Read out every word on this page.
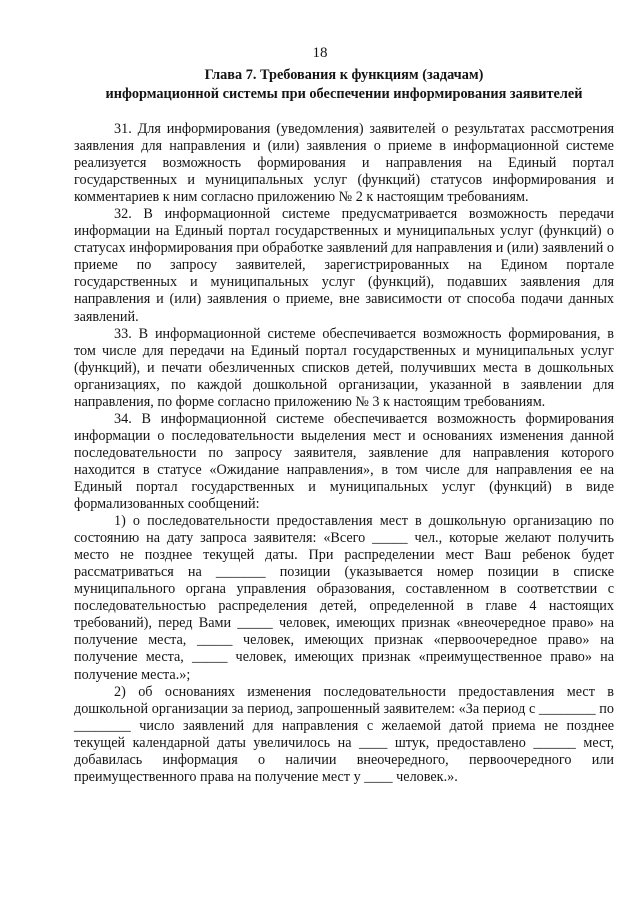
18
Глава 7. Требования к функциям (задачам)
информационной системы при обеспечении информирования заявителей

31. Для информирования (уведомления) заявителей о результатах рассмотрения заявления для направления и (или) заявления о приеме в информационной системе реализуется возможность формирования и направления на Единый портал государственных и муниципальных услуг (функций) статусов информирования и комментариев к ним согласно приложению № 2 к настоящим требованиям.

32. В информационной системе предусматривается возможность передачи информации на Единый портал государственных и муниципальных услуг (функций) о статусах информирования при обработке заявлений для направления и (или) заявлений о приеме по запросу заявителей, зарегистрированных на Едином портале государственных и муниципальных услуг (функций), подавших заявления для направления и (или) заявления о приеме, вне зависимости от способа подачи данных заявлений.

33. В информационной системе обеспечивается возможность формирования, в том числе для передачи на Единый портал государственных и муниципальных услуг (функций), и печати обезличенных списков детей, получивших места в дошкольных организациях, по каждой дошкольной организации, указанной в заявлении для направления, по форме согласно приложению № 3 к настоящим требованиям.

34. В информационной системе обеспечивается возможность формирования информации о последовательности выделения мест и основаниях изменения данной последовательности по запросу заявителя, заявление для направления которого находится в статусе «Ожидание направления», в том числе для направления ее на Единый портал государственных и муниципальных услуг (функций) в виде формализованных сообщений:

1) о последовательности предоставления мест в дошкольную организацию по состоянию на дату запроса заявителя: «Всего _____ чел., которые желают получить место не позднее текущей даты. При распределении мест Ваш ребенок будет рассматриваться на _______ позиции (указывается номер позиции в списке муниципального органа управления образования, составленном в соответствии с последовательностью распределения детей, определенной в главе 4 настоящих требований), перед Вами _____ человек, имеющих признак «внеочередное право» на получение места, _____ человек, имеющих признак «первоочередное право» на получение места, _____ человек, имеющих признак «преимущественное право» на получение места.»;

2) об основаниях изменения последовательности предоставления мест в дошкольной организации за период, запрошенный заявителем: «За период с ________ по ________ число заявлений для направления с желаемой датой приема не позднее текущей календарной даты увеличилось на ____ штук, предоставлено ______ мест, добавилась информация о наличии внеочередного, первоочередного или преимущественного права на получение мест у ____ человек.».
